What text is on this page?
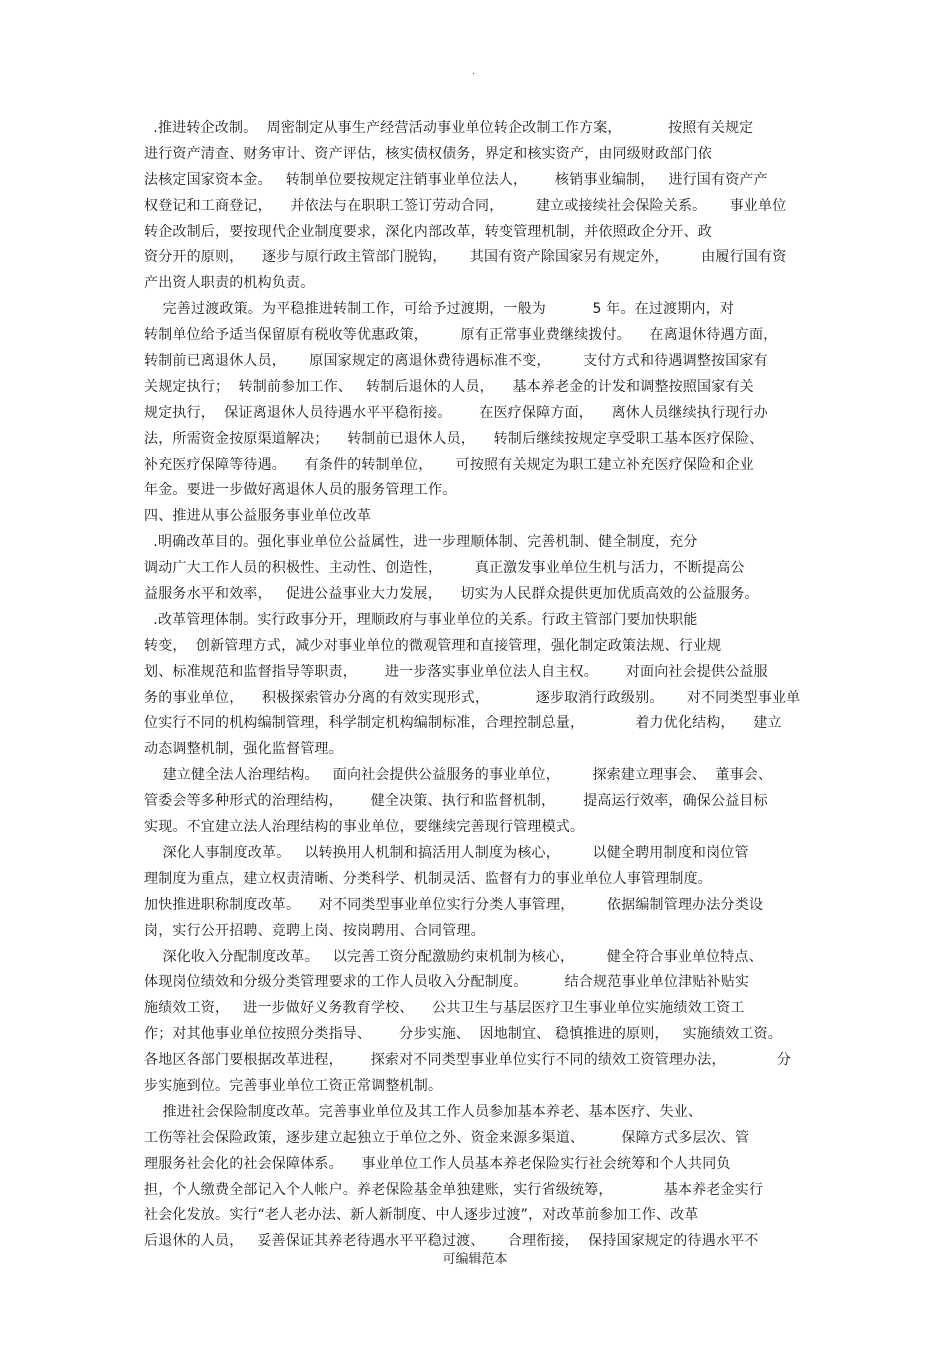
.
.推进转企改制。  周密制定从事生产经营活动事业单位转企改制工作方案，          按照有关规定
进行资产清查、财务审计、资产评估，核实债权债务，界定和核实资产，由同级财政部门依
法核定国家资本金。   转制单位要按规定注销事业单位法人，      核销事业编制，   进行国有资产产
权登记和工商登记，    并依法与在职职工签订劳动合同，       建立或接续社会保险关系。     事业单位
转企改制后，要按现代企业制度要求，深化内部改革，转变管理机制，并依照政企分开、政
资分开的原则，    逐步与原行政主管部门脱钩，     其国有资产除国家另有规定外，       由履行国有资
产出资人职责的机构负责。
完善过渡政策。为平稳推进转制工作，可给予过渡期，一般为          5 年。在过渡期内，对
转制单位给予适当保留原有税收等优惠政策，       原有正常事业费继续拨付。    在离退休待遇方面，
转制前已离退休人员，     原国家规定的离退休费待遇标准不变，       支付方式和待遇调整按国家有
关规定执行；  转制前参加工作、   转制后退休的人员，    基本养老金的计发和调整按照国家有关
规定执行，  保证离退休人员待遇水平平稳衔接。      在医疗保障方面，    离休人员继续执行现行办
法，所需资金按原渠道解决；    转制前已退休人员，    转制后继续按规定享受职工基本医疗保险、
补充医疗保障等待遇。    有条件的转制单位，     可按照有关规定为职工建立补充医疗保险和企业
年金。要进一步做好离退休人员的服务管理工作。
四、推进从事公益服务事业单位改革
.明确改革目的。强化事业单位公益属性，进一步理顺体制、完善机制、健全制度，充分
调动广大工作人员的积极性、主动性、创造性，       真正激发事业单位生机与活力，不断提高公
益服务水平和效率，   促进公益事业大力发展，    切实为人民群众提供更加优质高效的公益服务。
.改革管理体制。实行政事分开，理顺政府与事业单位的关系。行政主管部门要加快职能
转变，  创新管理方式，减少对事业单位的微观管理和直接管理，强化制定政策法规、行业规
划、标准规范和监督指导等职责，      进一步落实事业单位法人自主权。      对面向社会提供公益服
务的事业单位，    积极探索管办分离的有效实现形式，          逐步取消行政级别。     对不同类型事业单
位实行不同的机构编制管理，科学制定机构编制标准，合理控制总量，           着力优化结构，    建立
动态调整机制，强化监督管理。
建立健全法人治理结构。   面向社会提供公益服务的事业单位，       探索建立理事会、  董事会、
管委会等多种形式的治理结构，      健全决策、执行和监督机制，      提高运行效率，确保公益目标
实现。不宜建立法人治理结构的事业单位，要继续完善现行管理模式。
深化人事制度改革。   以转换用人机制和搞活用人制度为核心，       以健全聘用制度和岗位管
理制度为重点，建立权责清晰、分类科学、机制灵活、监督有力的事业单位人事管理制度。
加快推进职称制度改革。    对不同类型事业单位实行分类人事管理，       依据编制管理办法分类设
岗，实行公开招聘、竞聘上岗、按岗聘用、合同管理。
深化收入分配制度改革。   以完善工资分配激励约束机制为核心，       健全符合事业单位特点、
体现岗位绩效和分级分类管理要求的工作人员收入分配制度。        结合规范事业单位津贴补贴实
施绩效工资，   进一步做好义务教育学校、    公共卫生与基层医疗卫生事业单位实施绩效工资工
作；对其他事业单位按照分类指导、      分步实施、  因地制宜、 稳慎推进的原则，   实施绩效工资。
各地区各部门要根据改革进程，      探索对不同类型事业单位实行不同的绩效工资管理办法，           分
步实施到位。完善事业单位工资正常调整机制。
推进社会保险制度改革。完善事业单位及其工作人员参加基本养老、基本医疗、失业、
工伤等社会保险政策，逐步建立起独立于单位之外、资金来源多渠道、        保障方式多层次、管
理服务社会化的社会保障体系。    事业单位工作人员基本养老保险实行社会统筹和个人共同负
担，个人缴费全部记入个人帐户。养老保险基金单独建账，实行省级统筹，           基本养老金实行
社会化发放。实行“老人老办法、新人新制度、中人逐步过渡”，对改革前参加工作、改革
后退休的人员，   妥善保证其养老待遇水平平稳过渡、     合理衔接，  保持国家规定的待遇水平不
可编辑范本
